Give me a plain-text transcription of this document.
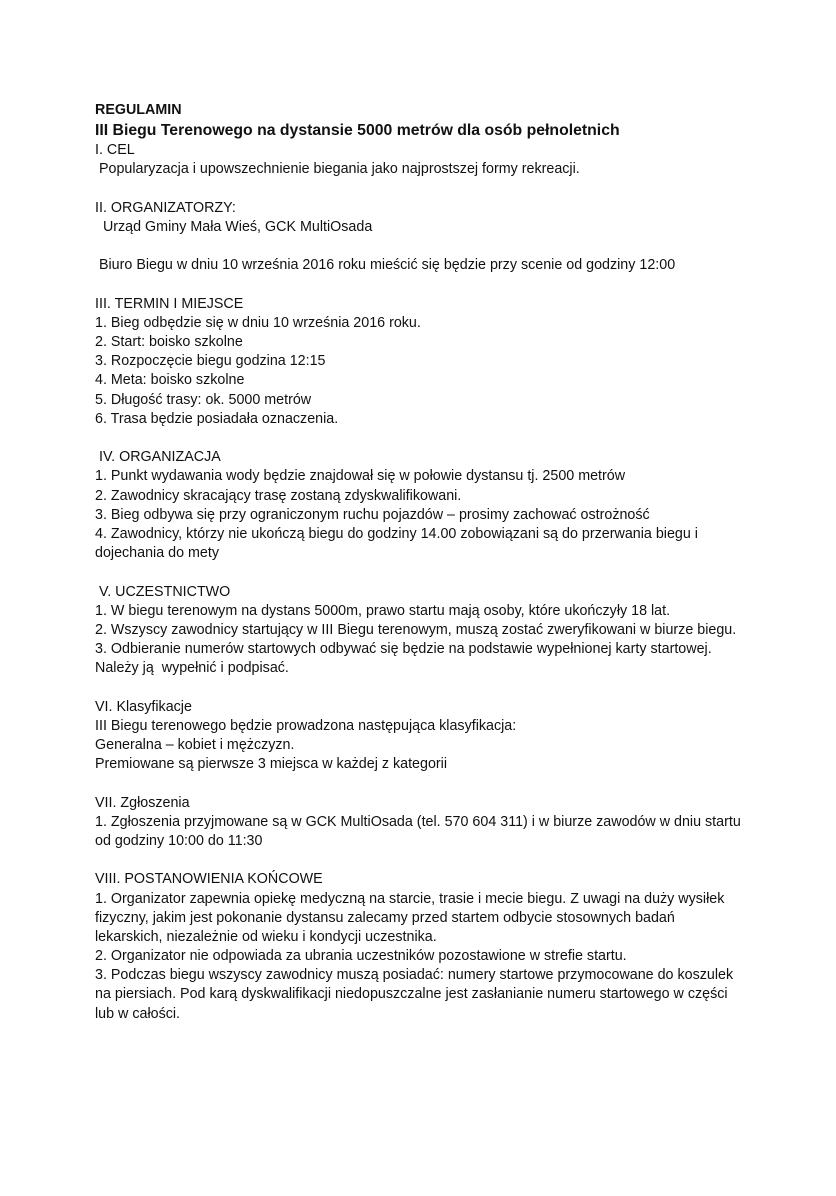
REGULAMIN
III Biegu Terenowego na dystansie 5000 metrów dla osób pełnoletnich
I. CEL
Popularyzacja i upowszechnienie biegania jako najprostszej formy rekreacji.
II. ORGANIZATORZY:
Urząd Gminy Mała Wieś, GCK MultiOsada
Biuro Biegu w dniu 10 września 2016 roku mieścić się będzie przy scenie od godziny 12:00
III. TERMIN I MIEJSCE
1. Bieg odbędzie się w dniu 10 września 2016 roku.
2. Start: boisko szkolne
3. Rozpoczęcie biegu godzina 12:15
4. Meta: boisko szkolne
5. Długość trasy: ok. 5000 metrów
6. Trasa będzie posiadała oznaczenia.
IV. ORGANIZACJA
1. Punkt wydawania wody będzie znajdował się w połowie dystansu tj. 2500 metrów
2. Zawodnicy skracający trasę zostaną zdyskwalifikowani.
3. Bieg odbywa się przy ograniczonym ruchu pojazdów – prosimy zachować ostrożność
4. Zawodnicy, którzy nie ukończą biegu do godziny 14.00 zobowiązani są do przerwania biegu i
dojechania do mety
V. UCZESTNICTWO
1. W biegu terenowym na dystans 5000m, prawo startu mają osoby, które ukończyły 18 lat.
2. Wszyscy zawodnicy startujący w III Biegu terenowym, muszą zostać zweryfikowani w biurze biegu.
3. Odbieranie numerów startowych odbywać się będzie na podstawie wypełnionej karty startowej.
Należy ją  wypełnić i podpisać.
VI. Klasyfikacje
III Biegu terenowego będzie prowadzona następująca klasyfikacja:
Generalna – kobiet i mężczyzn.
Premiowane są pierwsze 3 miejsca w każdej z kategorii
VII. Zgłoszenia
1. Zgłoszenia przyjmowane są w GCK MultiOsada (tel. 570 604 311) i w biurze zawodów w dniu startu
od godziny 10:00 do 11:30
VIII. POSTANOWIENIA KOŃCOWE
1. Organizator zapewnia opiekę medyczną na starcie, trasie i mecie biegu. Z uwagi na duży wysiłek
fizyczny, jakim jest pokonanie dystansu zalecamy przed startem odbycie stosownych badań
lekarskich, niezależnie od wieku i kondycji uczestnika.
2. Organizator nie odpowiada za ubrania uczestników pozostawione w strefie startu.
3. Podczas biegu wszyscy zawodnicy muszą posiadać: numery startowe przymocowane do koszulek
na piersiach. Pod karą dyskwalifikacji niedopuszczalne jest zasłanianie numeru startowego w części
lub w całości.
